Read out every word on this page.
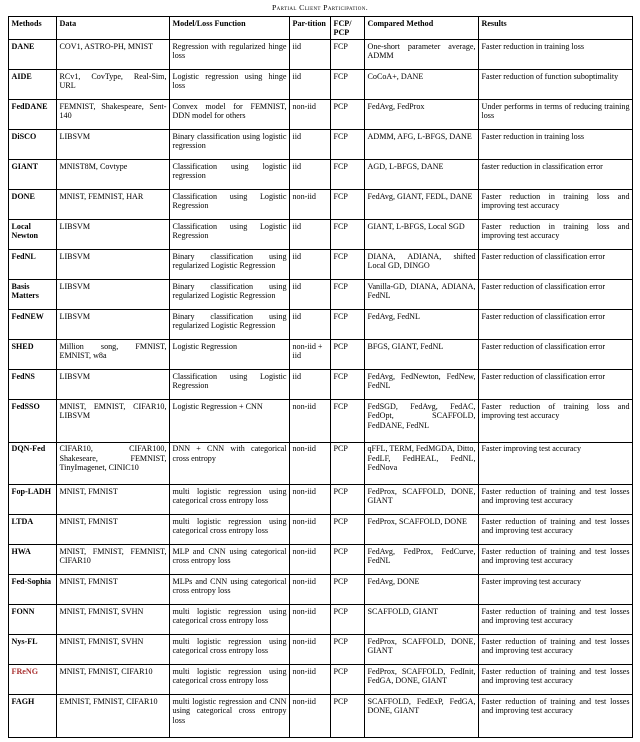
Partial Client Participation.
Methods	Data	Model/Loss Function	Par-tition	FCP/ PCP	Compared Method	Results
DANE	COV1, ASTRO-PH, MNIST	Regression with regularized hinge loss	iid	FCP	One-short parameter average, ADMM	Faster reduction in training loss
AIDE	RCv1, CovType, Real-Sim, URL	Logistic regression using hinge loss	iid	FCP	CoCoA+, DANE	Faster reduction of function suboptimality
FedDANE	FEMNIST, Shakespeare, Sent-140	Convex model for FEMNIST, DDN model for others	non-iid	PCP	FedAvg, FedProx	Under performs in terms of reducing training loss
DiSCO	LIBSVM	Binary classification using logistic regression	iid	FCP	ADMM, AFG, L-BFGS, DANE	Faster reduction in training loss
GIANT	MNIST8M, Covtype	Classification using logistic regression	iid	FCP	AGD, L-BFGS, DANE	faster reduction in classification error
DONE	MNIST, FEMNIST, HAR	Classification using Logistic Regression	non-iid	FCP	FedAvg, GIANT, FEDL, DANE	Faster reduction in training loss and improving test accuracy
Local Newton	LIBSVM	Classification using Logistic Regression	iid	FCP	GIANT, L-BFGS, Local SGD	Faster reduction in training loss and improving test accuracy
FedNL	LIBSVM	Binary classification using regularized Logistic Regression	iid	FCP	DIANA, ADIANA, shifted Local GD, DINGO	Faster reduction of classification error
Basis Matters	LIBSVM	Binary classification using regularized Logistic Regression	iid	FCP	Vanilla-GD, DIANA, ADIANA, FedNL	Faster reduction of classification error
FedNEW	LIBSVM	Binary classification using regularized Logistic Regression	iid	FCP	FedAvg, FedNL	Faster reduction of classification error
SHED	Million song, FMNIST, EMNIST, w8a	Logistic Regression	non-iid + iid	PCP	BFGS, GIANT, FedNL	Faster reduction of classification error
FedNS	LIBSVM	Classification using Logistic Regression	iid	FCP	FedAvg, FedNewton, FedNew, FedNL	Faster reduction of classification error
FedSSO	MNIST, EMNIST, CIFAR10, LIBSVM	Logistic Regression + CNN	non-iid	FCP	FedSGD, FedAvg, FedAC, FedOpt, SCAFFOLD, FedDANE, FedNL	Faster reduction of training loss and improving test accuracy
DQN-Fed	CIFAR10, CIFAR100, Shakeseare, FEMNIST, TinyImagenet, CINIC10	DNN + CNN with categorical cross entropy	non-iid	PCP	qFFL, TERM, FedMGDA, Ditto, FedLF, FedHEAL, FedNL, FedNova	Faster improving test accuracy
Fop-LADH	MNIST, FMNIST	multi logistic regression using categorical cross entropy loss	non-iid	PCP	FedProx, SCAFFOLD, DONE, GIANT	Faster reduction of training and test losses and improving test accuracy
LTDA	MNIST, FMNIST	multi logistic regression using categorical cross entropy loss	non-iid	PCP	FedProx, SCAFFOLD, DONE	Faster reduction of training and test losses and improving test accuracy
HWA	MNIST, FMNIST, FEMNIST, CIFAR10	MLP and CNN using categorical cross entropy loss	non-iid	PCP	FedAvg, FedProx, FedCurve, FedNL	Faster reduction of training and test losses and improving test accuracy
Fed-Sophia	MNIST, FMNIST	MLPs and CNN using categorical cross entropy loss	non-iid	PCP	FedAvg, DONE	Faster improving test accuracy
FONN	MNIST, FMNIST, SVHN	multi logistic regression using categorical cross entropy loss	non-iid	PCP	SCAFFOLD, GIANT	Faster reduction of training and test losses and improving test accuracy
Nys-FL	MNIST, FMNIST, SVHN	multi logistic regression using categorical cross entropy loss	non-iid	PCP	FedProx, SCAFFOLD, DONE, GIANT	Faster reduction of training and test losses and improving test accuracy
FReNG	MNIST, FMNIST, CIFAR10	multi logistic regression using categorical cross entropy loss	non-iid	PCP	FedProx, SCAFFOLD, FedInit, FedGA, DONE, GIANT	Faster reduction of training and test losses and improving test accuracy
FAGH	EMNIST, FMNIST, CIFAR10	multi logistic regression and CNN using categorical cross entropy loss	non-iid	PCP	SCAFFOLD, FedExP, FedGA, DONE, GIANT	Faster reduction of training and test losses and improving test accuracy
